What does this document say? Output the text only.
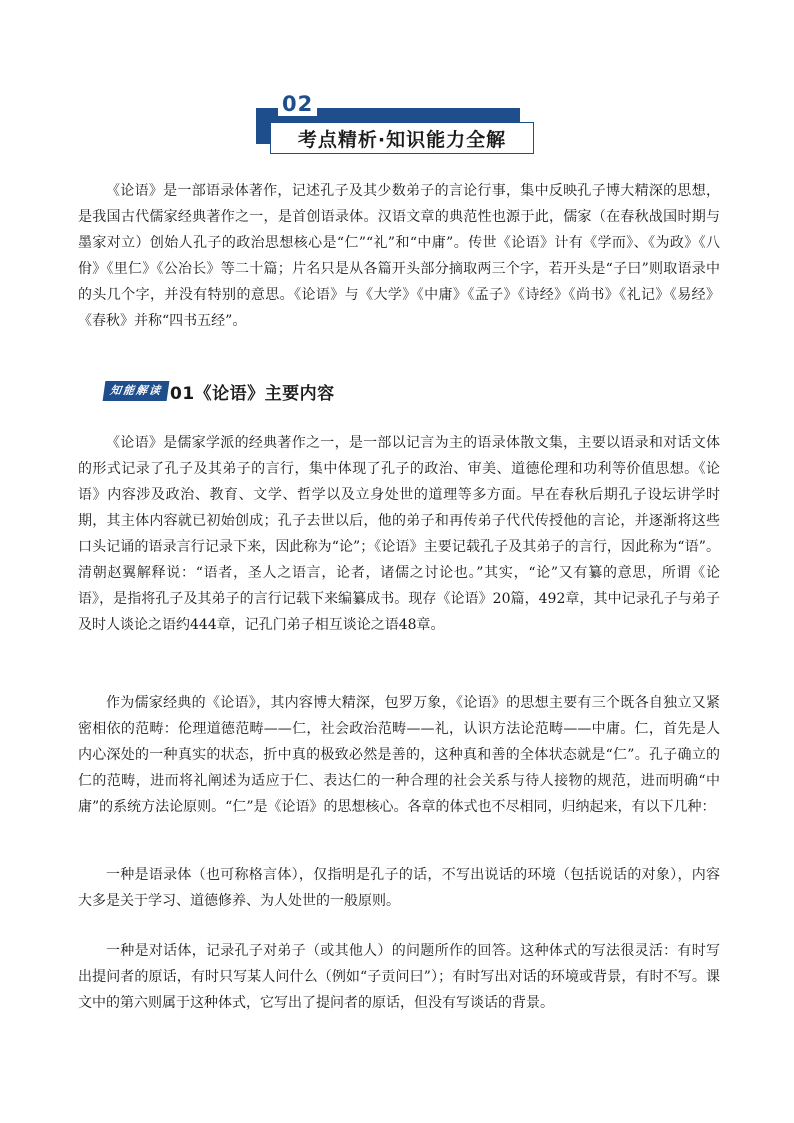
02
考点精析·知识能力全解

《论语》是一部语录体著作，记述孔子及其少数弟子的言论行事，集中反映孔子博大精深的思想，是我国古代儒家经典著作之一，是首创语录体。汉语文章的典范性也源于此，儒家（在春秋战国时期与墨家对立）创始人孔子的政治思想核心是“仁”“礼”和“中庸”。传世《论语》计有《学而》、《为政》《八佾》《里仁》《公冶长》等二十篇；片名只是从各篇开头部分摘取两三个字，若开头是“子曰”则取语录中的头几个字，并没有特别的意思。《论语》与《大学》《中庸》《孟子》《诗经》《尚书》《礼记》《易经》《春秋》并称“四书五经”。

知能解读 01《论语》主要内容

《论语》是儒家学派的经典著作之一，是一部以记言为主的语录体散文集，主要以语录和对话文体的形式记录了孔子及其弟子的言行，集中体现了孔子的政治、审美、道德伦理和功利等价值思想。《论语》内容涉及政治、教育、文学、哲学以及立身处世的道理等多方面。早在春秋后期孔子设坛讲学时期，其主体内容就已初始创成；孔子去世以后，他的弟子和再传弟子代代传授他的言论，并逐渐将这些口头记诵的语录言行记录下来，因此称为“论”；《论语》主要记载孔子及其弟子的言行，因此称为“语”。清朝赵翼解释说：“语者，圣人之语言，论者，诸儒之讨论也。”其实，“论”又有纂的意思，所谓《论语》，是指将孔子及其弟子的言行记载下来编纂成书。现存《论语》20篇，492章，其中记录孔子与弟子及时人谈论之语约444章，记孔门弟子相互谈论之语48章。

作为儒家经典的《论语》，其内容博大精深，包罗万象，《论语》的思想主要有三个既各自独立又紧密相依的范畴：伦理道德范畴——仁，社会政治范畴——礼，认识方法论范畴——中庸。仁，首先是人内心深处的一种真实的状态，折中真的极致必然是善的，这种真和善的全体状态就是“仁”。孔子确立的仁的范畴，进而将礼阐述为适应于仁、表达仁的一种合理的社会关系与待人接物的规范，进而明确“中庸”的系统方法论原则。“仁”是《论语》的思想核心。各章的体式也不尽相同，归纳起来，有以下几种：

一种是语录体（也可称格言体），仅指明是孔子的话，不写出说话的环境（包括说话的对象），内容大多是关于学习、道德修养、为人处世的一般原则。

一种是对话体，记录孔子对弟子（或其他人）的问题所作的回答。这种体式的写法很灵活：有时写出提问者的原话，有时只写某人问什么（例如“子贡问曰”）；有时写出对话的环境或背景，有时不写。课文中的第六则属于这种体式，它写出了提问者的原话，但没有写谈话的背景。
